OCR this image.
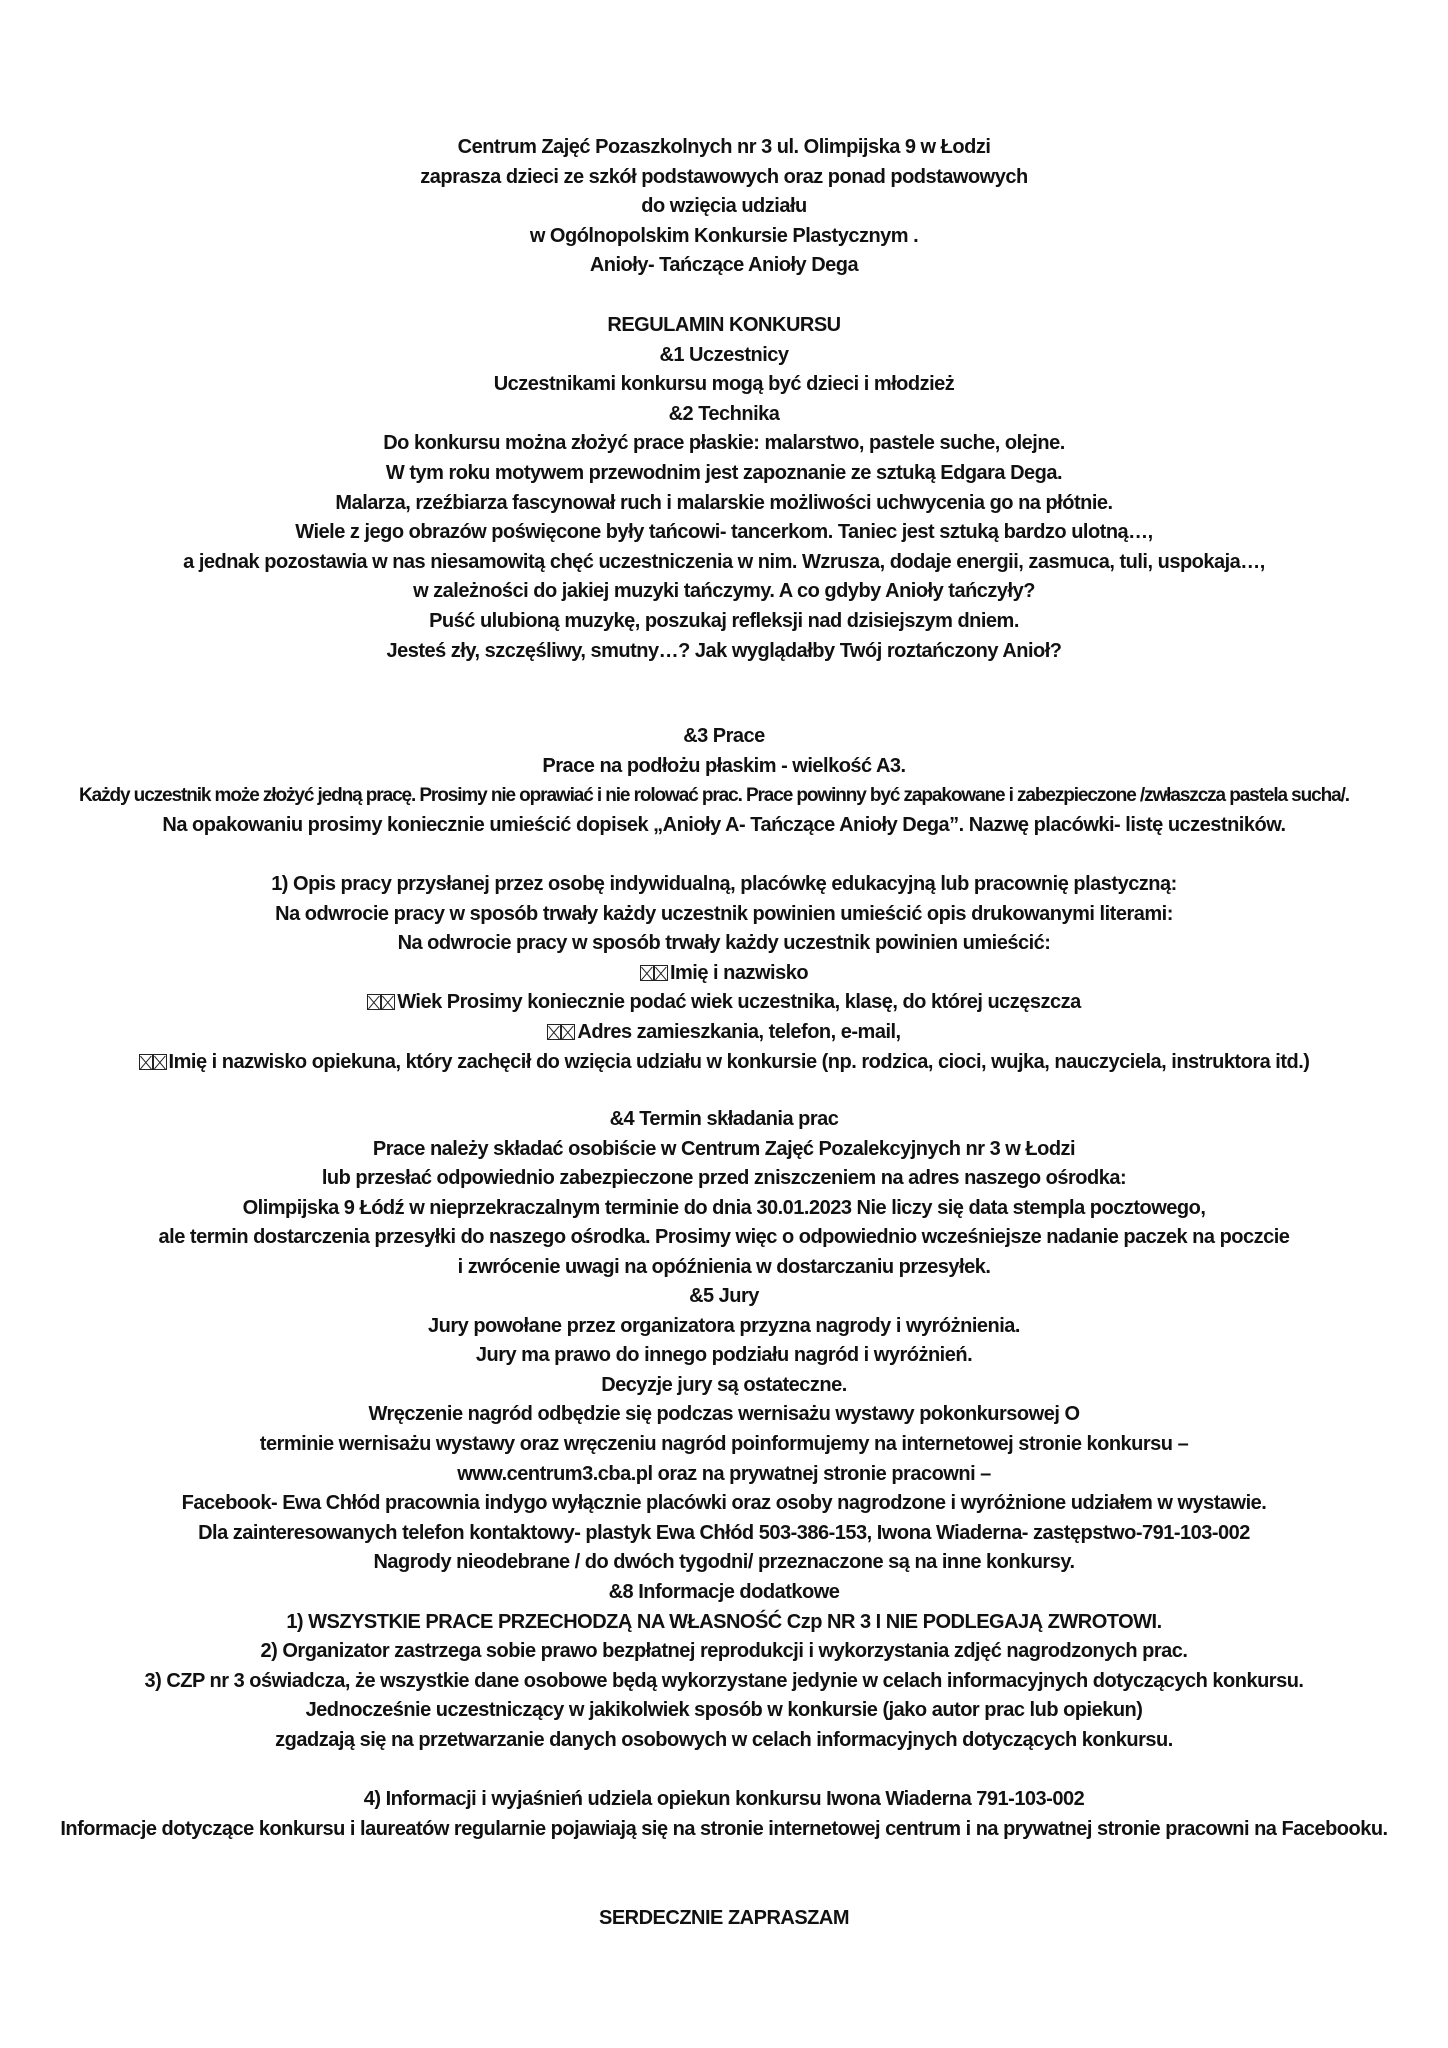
Centrum Zajęć Pozaszkolnych nr 3 ul. Olimpijska 9 w Łodzi
zaprasza dzieci ze szkół podstawowych oraz ponad podstawowych
do wzięcia udziału
w Ogólnopolskim Konkursie Plastycznym .
Anioły- Tańczące Anioły Dega
REGULAMIN KONKURSU
&1 Uczestnicy
Uczestnikami konkursu mogą być dzieci i młodzież
&2 Technika
Do konkursu można złożyć prace płaskie: malarstwo, pastele suche, olejne.
W tym roku motywem przewodnim jest zapoznanie ze sztuką Edgara Dega.
Malarza, rzeźbiarza fascynował ruch i malarskie możliwości uchwycenia go na płótnie.
Wiele z jego obrazów poświęcone były tańcowi- tancerkom. Taniec jest sztuką bardzo ulotną…,
a jednak pozostawia w nas niesamowitą chęć uczestniczenia w nim. Wzrusza, dodaje energii, zasmuca, tuli, uspokaja…,
w zależności do jakiej muzyki tańczymy. A co gdyby Anioły tańczyły?
Puść ulubioną muzykę, poszukaj refleksji nad dzisiejszym dniem.
Jesteś zły, szczęśliwy, smutny…? Jak wyglądałby Twój roztańczony Anioł?
&3 Prace
Prace na podłożu płaskim - wielkość A3.
Każdy uczestnik może złożyć jedną pracę. Prosimy nie oprawiać i nie rolować prac. Prace powinny być zapakowane i zabezpieczone /zwłaszcza pastela sucha/.
Na opakowaniu prosimy koniecznie umieścić dopisek „Anioły A- Tańczące Anioły Dega”. Nazwę placówki- listę uczestników.
1) Opis pracy przysłanej przez osobę indywidualną, placówkę edukacyjną lub pracownię plastyczną:
Na odwrocie pracy w sposób trwały każdy uczestnik powinien umieścić opis drukowanymi literami:
Na odwrocie pracy w sposób trwały każdy uczestnik powinien umieścić:
Imię i nazwisko
Wiek Prosimy koniecznie podać wiek uczestnika, klasę, do której uczęszcza
Adres zamieszkania, telefon, e-mail,
Imię i nazwisko opiekuna, który zachęcił do wzięcia udziału w konkursie (np. rodzica, cioci, wujka, nauczyciela, instruktora itd.)
&4 Termin składania prac
Prace należy składać osobiście w Centrum Zajęć Pozalekcyjnych nr 3 w Łodzi
lub przesłać odpowiednio zabezpieczone przed zniszczeniem na adres naszego ośrodka:
Olimpijska 9 Łódź w nieprzekraczalnym terminie do dnia 30.01.2023 Nie liczy się data stempla pocztowego,
ale termin dostarczenia przesyłki do naszego ośrodka. Prosimy więc o odpowiednio wcześniejsze nadanie paczek na poczcie
i zwrócenie uwagi na opóźnienia w dostarczaniu przesyłek.
&5 Jury
Jury powołane przez organizatora przyzna nagrody i wyróżnienia.
Jury ma prawo do innego podziału nagród i wyróżnień.
Decyzje jury są ostateczne.
Wręczenie nagród odbędzie się podczas wernisażu wystawy pokonkursowej O
terminie wernisażu wystawy oraz wręczeniu nagród poinformujemy na internetowej stronie konkursu –
www.centrum3.cba.pl oraz na prywatnej stronie pracowni –
Facebook- Ewa Chłód pracownia indygo wyłącznie placówki oraz osoby nagrodzone i wyróżnione udziałem w wystawie.
Dla zainteresowanych telefon kontaktowy- plastyk Ewa Chłód 503-386-153, Iwona Wiaderna- zastępstwo-791-103-002
Nagrody nieodebrane / do dwóch tygodni/ przeznaczone są na inne konkursy.
&8 Informacje dodatkowe
1) WSZYSTKIE PRACE PRZECHODZĄ NA WŁASNOŚĆ Czp NR 3 I NIE PODLEGAJĄ ZWROTOWI.
2) Organizator zastrzega sobie prawo bezpłatnej reprodukcji i wykorzystania zdjęć nagrodzonych prac.
3) CZP nr 3 oświadcza, że wszystkie dane osobowe będą wykorzystane jedynie w celach informacyjnych dotyczących konkursu.
Jednocześnie uczestniczący w jakikolwiek sposób w konkursie (jako autor prac lub opiekun)
zgadzają się na przetwarzanie danych osobowych w celach informacyjnych dotyczących konkursu.
4) Informacji i wyjaśnień udziela opiekun konkursu Iwona Wiaderna 791-103-002
Informacje dotyczące konkursu i laureatów regularnie pojawiają się na stronie internetowej centrum i na prywatnej stronie pracowni na Facebooku.
SERDECZNIE ZAPRASZAM
